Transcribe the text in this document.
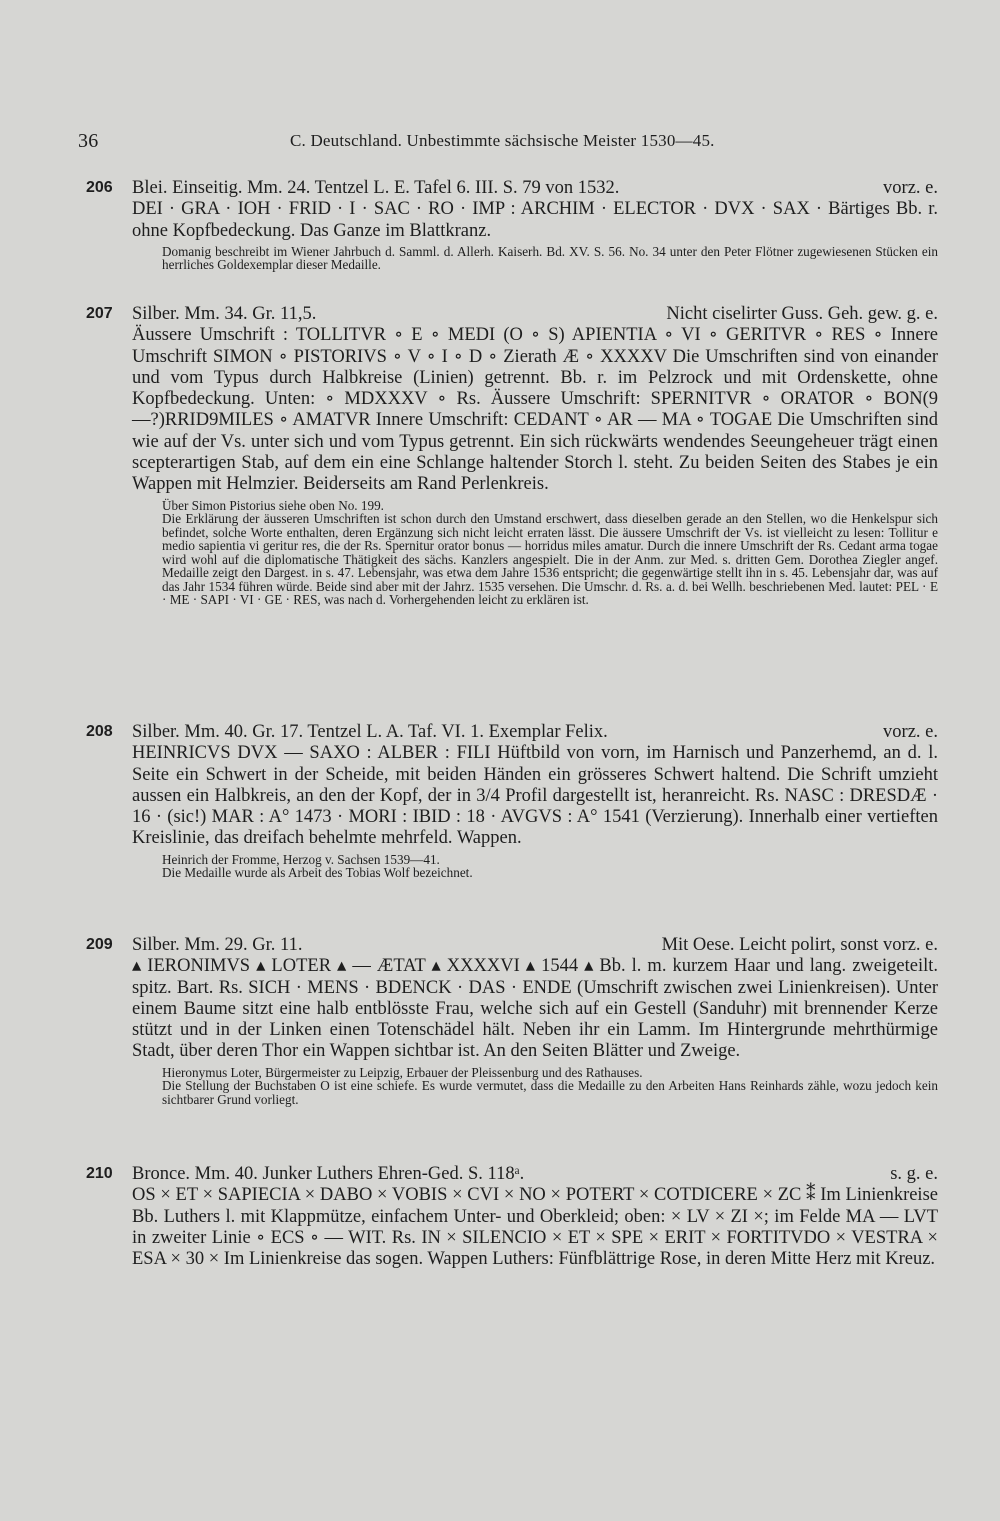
36	C. Deutschland. Unbestimmte sächsische Meister 1530—45.
206 Blei. Einseitig. Mm. 24. Tentzel L. E. Tafel 6. III. S. 79 von 1532.	vorz. e.
DEI · GRA · IOH · FRID · I · SAC · RO · IMP : ARCHIM · ELECTOR · DVX · SAX · Bärtiges Bb. r. ohne Kopfbedeckung. Das Ganze im Blattkranz.
Domanig beschreibt im Wiener Jahrbuch d. Samml. d. Allerh. Kaiserh. Bd. XV. S. 56. No. 34 unter den Peter Flötner zugewiesenen Stücken ein herrliches Goldexemplar dieser Medaille.
207 Silber. Mm. 34. Gr. 11,5.	Nicht ciselirter Guss. Geh. gew. g. e.
Äussere Umschrift : TOLLITVR ∘ E ∘ MEDI (O ∘ S) APIENTIA ∘ VI ∘ GERITVR ∘ RES ∘ Innere Umschrift SIMON ∘ PISTORIVS ∘ V ∘ I ∘ D ∘ Zierath Æ ∘ XXXXV Die Umschriften sind von einander und vom Typus durch Halbkreise (Linien) getrennt. Bb. r. im Pelzrock und mit Ordenskette, ohne Kopfbedeckung. Unten: ∘ MDXXXV ∘ Rs. Äussere Umschrift: SPERNITVR ∘ ORATOR ∘ BON(9—?)RRID9MILES ∘ AMATVR Innere Umschrift: CEDANT ∘ AR — MA ∘ TOGAE Die Umschriften sind wie auf der Vs. unter sich und vom Typus getrennt. Ein sich rückwärts wendendes Seeungeheuer trägt einen scepterartigen Stab, auf dem ein eine Schlange haltender Storch l. steht. Zu beiden Seiten des Stabes je ein Wappen mit Helmzier. Beiderseits am Rand Perlenkreis.
Über Simon Pistorius siehe oben No. 199.
Die Erklärung der äusseren Umschriften ist schon durch den Umstand erschwert, dass dieselben gerade an den Stellen, wo die Henkelspur sich befindet, solche Worte enthalten, deren Ergänzung sich nicht leicht erraten lässt. Die äussere Umschrift der Vs. ist vielleicht zu lesen: Tollitur e medio sapientia vi geritur res, die der Rs. Spernitur orator bonus — horridus miles amatur. Durch die innere Umschrift der Rs. Cedant arma togae wird wohl auf die diplomatische Thätigkeit des sächs. Kanzlers angespielt. Die in der Anm. zur Med. s. dritten Gem. Dorothea Ziegler angef. Medaille zeigt den Dargest. in s. 47. Lebensjahr, was etwa dem Jahre 1536 entspricht; die gegenwärtige stellt ihn in s. 45. Lebensjahr dar, was auf das Jahr 1534 führen würde. Beide sind aber mit der Jahrz. 1535 versehen. Die Umschr. d. Rs. a. d. bei Wellh. beschriebenen Med. lautet: PEL · E · ME · SAPI · VI · GE · RES, was nach d. Vorhergehenden leicht zu erklären ist.
208 Silber. Mm. 40. Gr. 17. Tentzel L. A. Taf. VI. 1. Exemplar Felix.	vorz. e.
HEINRICVS DVX — SAXO : ALBER : FILI Hüftbild von vorn, im Harnisch und Panzerhemd, an d. l. Seite ein Schwert in der Scheide, mit beiden Händen ein grösseres Schwert haltend. Die Schrift umzieht aussen ein Halbkreis, an den der Kopf, der in 3/4 Profil dargestellt ist, heranreicht. Rs. NASC : DRESDÆ · 16 · (sic!) MAR : A° 1473 · MORI : IBID : 18 · AVGVS : A° 1541 (Verzierung). Innerhalb einer vertieften Kreislinie, das dreifach behelmte mehrfeld. Wappen.
Heinrich der Fromme, Herzog v. Sachsen 1539—41.
Die Medaille wurde als Arbeit des Tobias Wolf bezeichnet.
209 Silber. Mm. 29. Gr. 11.	Mit Oese. Leicht polirt, sonst vorz. e.
▴ IERONIMVS ▴ LOTER ▴ — ÆTAT ▴ XXXXVI ▴ 1544 ▴ Bb. l. m. kurzem Haar und lang. zweigeteilt. spitz. Bart. Rs. SICH · MENS · BDENCK · DAS · ENDE (Umschrift zwischen zwei Linienkreisen). Unter einem Baume sitzt eine halb entblösste Frau, welche sich auf ein Gestell (Sanduhr) mit brennender Kerze stützt und in der Linken einen Totenschädel hält. Neben ihr ein Lamm. Im Hintergrunde mehrthürmige Stadt, über deren Thor ein Wappen sichtbar ist. An den Seiten Blätter und Zweige.
Hieronymus Loter, Bürgermeister zu Leipzig, Erbauer der Pleissenburg und des Rathauses.
Die Stellung der Buchstaben O ist eine schiefe. Es wurde vermutet, dass die Medaille zu den Arbeiten Hans Reinhards zähle, wozu jedoch kein sichtbarer Grund vorliegt.
210 Bronce. Mm. 40. Junker Luthers Ehren-Ged. S. 118ᵃ.	s. g. e.
OS × ET × SAPIECIA × DABO × VOBIS × CVI × NO × POTERT × COTDICERE × ZC ⁑ Im Linienkreise Bb. Luthers l. mit Klappmütze, einfachem Unter- und Oberkleid; oben: × LV × ZI ×; im Felde MA — LVT in zweiter Linie ∘ ECS ∘ — WIT. Rs. IN × SILENCIO × ET × SPE × ERIT × FORTITVDO × VESTRA × ESA × 30 × Im Linienkreise das sogen. Wappen Luthers: Fünfblättrige Rose, in deren Mitte Herz mit Kreuz.
